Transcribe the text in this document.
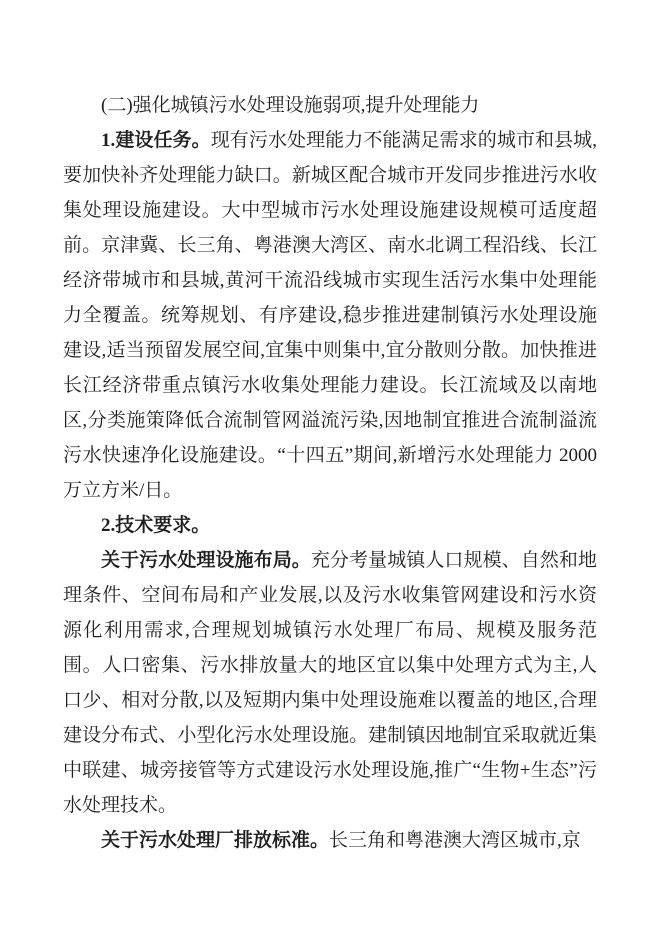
(二)强化城镇污水处理设施弱项,提升处理能力

1.建设任务。现有污水处理能力不能满足需求的城市和县城,要加快补齐处理能力缺口。新城区配合城市开发同步推进污水收集处理设施建设。大中型城市污水处理设施建设规模可适度超前。京津冀、长三角、粤港澳大湾区、南水北调工程沿线、长江经济带城市和县城,黄河干流沿线城市实现生活污水集中处理能力全覆盖。统筹规划、有序建设,稳步推进建制镇污水处理设施建设,适当预留发展空间,宜集中则集中,宜分散则分散。加快推进长江经济带重点镇污水收集处理能力建设。长江流域及以南地区,分类施策降低合流制管网溢流污染,因地制宜推进合流制溢流污水快速净化设施建设。“十四五”期间,新增污水处理能力 2000 万立方米/日。

2.技术要求。

关于污水处理设施布局。充分考量城镇人口规模、自然和地理条件、空间布局和产业发展,以及污水收集管网建设和污水资源化利用需求,合理规划城镇污水处理厂布局、规模及服务范围。人口密集、污水排放量大的地区宜以集中处理方式为主,人口少、相对分散,以及短期内集中处理设施难以覆盖的地区,合理建设分布式、小型化污水处理设施。建制镇因地制宜采取就近集中联建、城旁接管等方式建设污水处理设施,推广“生物+生态”污水处理技术。

关于污水处理厂排放标准。长三角和粤港澳大湾区城市,京
